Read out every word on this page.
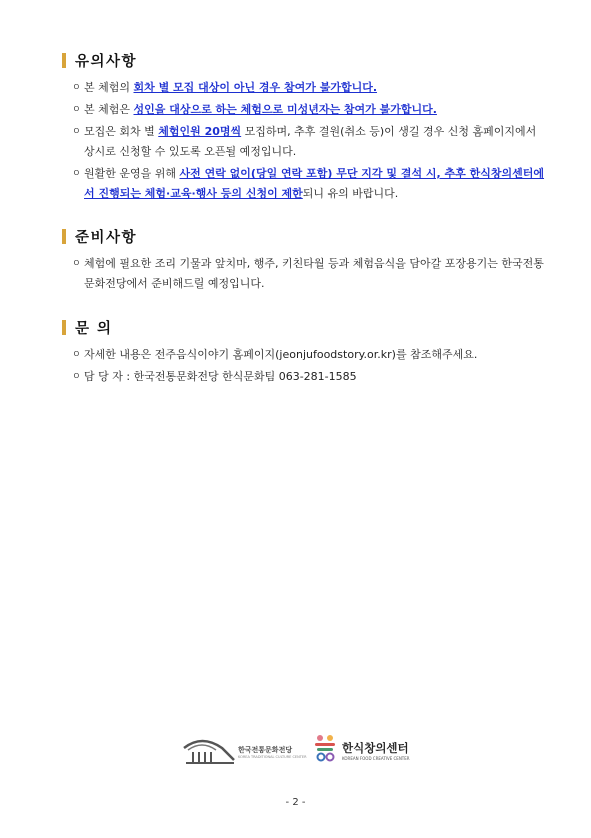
유의사항
ㅇ 본 체험의 회차 별 모집 대상이 아닌 경우 참여가 불가합니다.
ㅇ 본 체험은 성인을 대상으로 하는 체험으로 미성년자는 참여가 불가합니다.
ㅇ 모집은 회차 별 체험인원 20명씩 모집하며, 추후 결원(취소 등)이 생길 경우 신청 홈페이지에서 상시로 신청할 수 있도록 오픈될 예정입니다.
ㅇ 원활한 운영을 위해 사전 연락 없이(당일 연락 포함) 무단 지각 및 결석 시, 추후 한식창의센터에서 진행되는 체험·교육·행사 등의 신청이 제한되니 유의 바랍니다.
준비사항
ㅇ 체험에 필요한 조리 기물과 앞치마, 행주, 키친타월 등과 체험음식을 담아갈 포장용기는 한국전통문화전당에서 준비해드릴 예정입니다.
문 의
ㅇ 자세한 내용은 전주음식이야기 홈페이지(jeonjufoodstory.or.kr)를 참조해주세요.
ㅇ 담 당 자 : 한국전통문화전당 한식문화팀 063-281-1585
한국전통문화전당
KOREA TRADITIONAL CULTURE CENTER
한식창의센터
KOREAN FOOD CREATIVE CENTER
- 2 -
